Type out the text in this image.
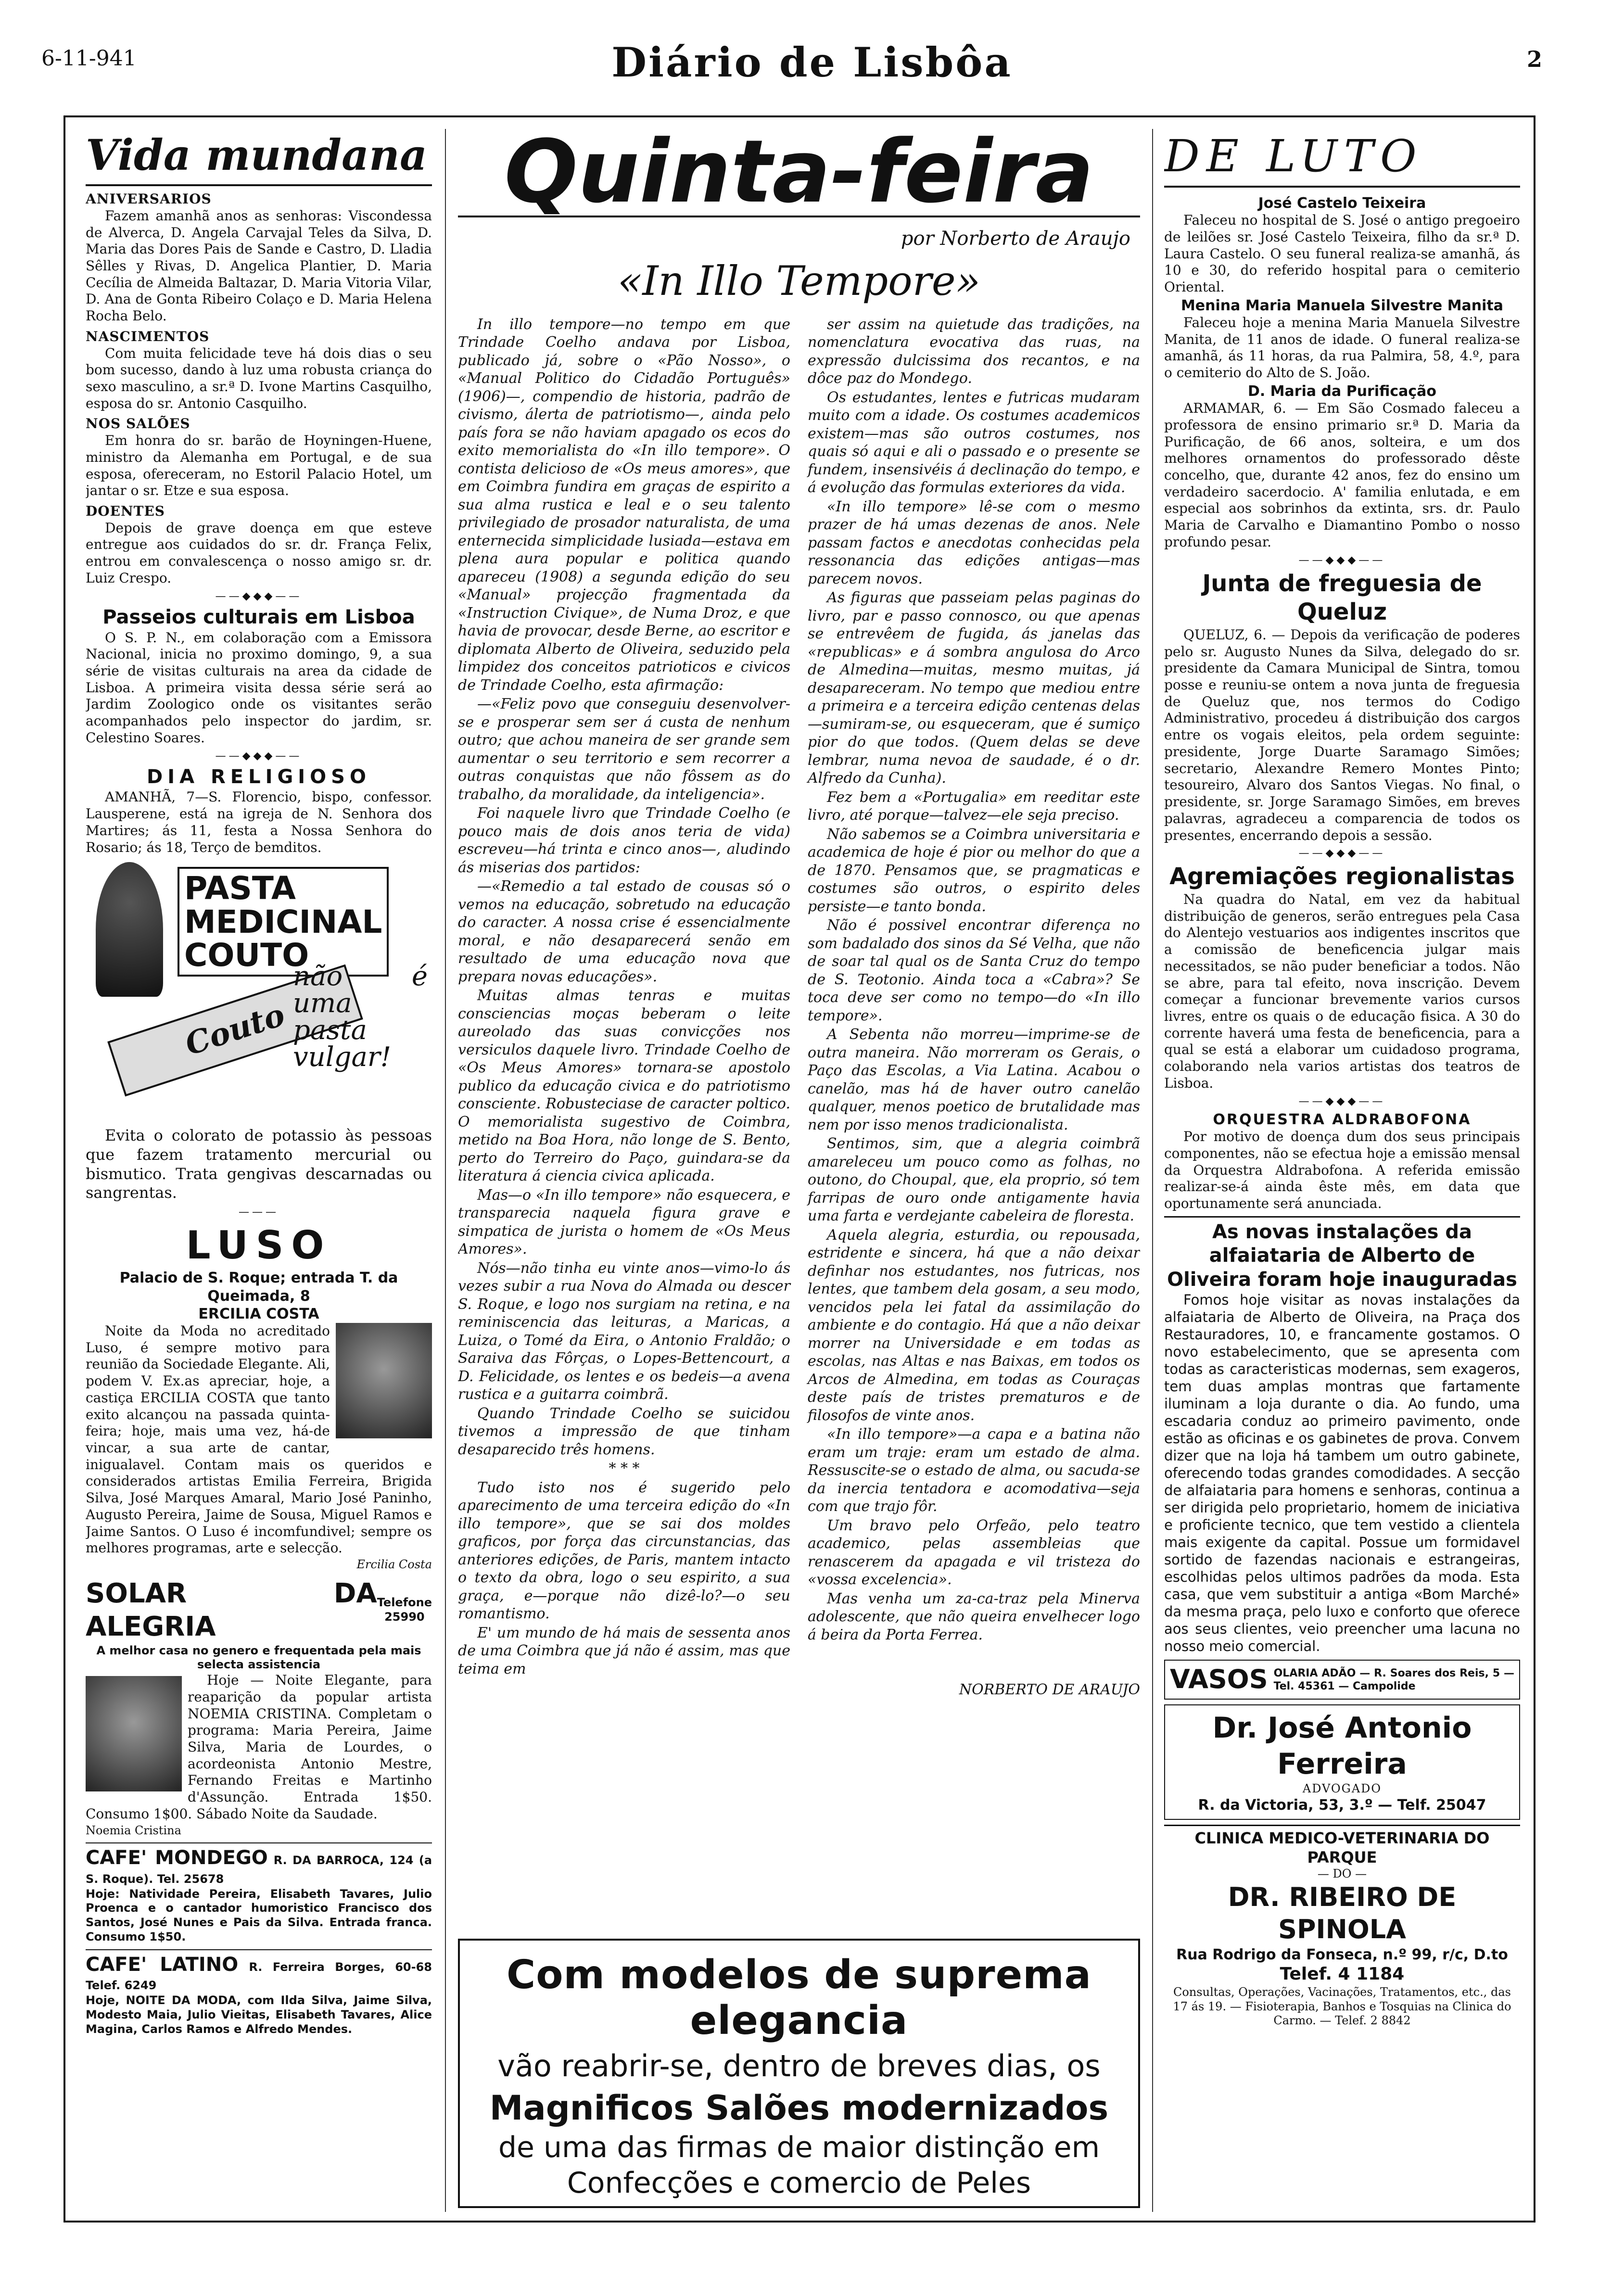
6-11-941	Diário de Lisbôa	2
Vida mundana
ANIVERSARIOS

Fazem amanhã anos as senhoras: Viscondessa de Alverca, D. Angela Carvajal Teles da Silva, D. Maria das Dores Pais de Sande e Castro, D. Lladia Sêlles y Rivas, D. Angelica Plantier, D. Maria Cecília de Almeida Baltazar, D. Maria Vitoria Vilar, D. Ana de Gonta Ribeiro Colaço e D. Maria Helena Rocha Belo.

NASCIMENTOS

Com muita felicidade teve há dois dias o seu bom sucesso, dando à luz uma robusta criança do sexo masculino, a sr.ª D. Ivone Martins Casquilho, esposa do sr. Antonio Casquilho.

NOS SALÕES

Em honra do sr. barão de Hoyningen-Huene, ministro da Alemanha em Portugal, e de sua esposa, ofereceram, no Estoril Palacio Hotel, um jantar o sr. Etze e sua esposa.

DOENTES

Depois de grave doença em que esteve entregue aos cuidados do sr. dr. França Felix, entrou em convalescença o nosso amigo sr. dr. Luiz Crespo.

——◆◆◆——
Passeios culturais em Lisboa

O S. P. N., em colaboração com a Emissora Nacional, inicia no proximo domingo, 9, a sua série de visitas culturais na area da cidade de Lisboa. A primeira visita dessa série será ao Jardim Zoologico onde os visitantes serão acompanhados pelo inspector do jardim, sr. Celestino Soares.

——◆◆◆——
DIA RELIGIOSO

AMANHÃ, 7—S. Florencio, bispo, confessor. Lausperene, está na igreja de N. Senhora dos Martires; ás 11, festa a Nossa Senhora do Rosario; ás 18, Terço de bemditos.

PASTA
MEDICINAL
COUTO
Couto
não é uma pasta vulgar!

Evita o colorato de potassio às pessoas que fazem tratamento mercurial ou bismutico. Trata gengivas descarnadas ou sangrentas.

———
LUSO
Palacio de S. Roque; entrada T. da Queimada, 8
ERCILIA COSTA

Noite da Moda no acreditado Luso, é sempre motivo para reunião da Sociedade Elegante. Ali, podem V. Ex.as apreciar, hoje, a castiça ERCILIA COSTA que tanto exito alcançou na passada quinta-feira; hoje, mais uma vez, há-de vincar, a sua arte de cantar, inigualavel. Contam mais os queridos e considerados artistas Emilia Ferreira, Brigida Silva, José Marques Amaral, Mario José Paninho, Augusto Pereira, Jaime de Sousa, Miguel Ramos e Jaime Santos. O Luso é incomfundivel; sempre os melhores programas, arte e selecção.

Ercilia Costa
SOLAR DA ALEGRIA
Telefone
25990
A melhor casa no genero e frequentada pela mais selecta assistencia

Hoje — Noite Elegante, para reaparição da popular artista NOEMIA CRISTINA. Completam o programa: Maria Pereira, Jaime Silva, Maria de Lourdes, o acordeonista Antonio Mestre, Fernando Freitas e Martinho d'Assunção. Entrada 1$50. Consumo 1$00. Sábado Noite da Saudade.

Noemia Cristina
CAFE' MONDEGO R. DA BARROCA, 124 (a S. Roque). Tel. 25678
Hoje: Natividade Pereira, Elisabeth Tavares, Julio Proenca e o cantador humoristico Francisco dos Santos, José Nunes e Pais da Silva. Entrada franca. Consumo 1$50.
CAFE' LATINO R. Ferreira Borges, 60-68 Telef. 6249
Hoje, NOITE DA MODA, com Ilda Silva, Jaime Silva, Modesto Maia, Julio Vieitas, Elisabeth Tavares, Alice Magina, Carlos Ramos e Alfredo Mendes.
Quinta-feira
por Norberto de Araujo
«In Illo Tempore»

In illo tempore—no tempo em que Trindade Coelho andava por Lisboa, publicado já, sobre o «Pão Nosso», o «Manual Politico do Cidadão Português» (1906)—, compendio de historia, padrão de civismo, álerta de patriotismo—, ainda pelo país fora se não haviam apagado os ecos do exito memorialista do «In illo tempore». O contista delicioso de «Os meus amores», que em Coimbra fundira em graças de espirito a sua alma rustica e leal e o seu talento privilegiado de prosador naturalista, de uma enternecida simplicidade lusiada—estava em plena aura popular e politica quando apareceu (1908) a segunda edição do seu «Manual» projecção fragmentada da «Instruction Civique», de Numa Droz, e que havia de provocar, desde Berne, ao escritor e diplomata Alberto de Oliveira, seduzido pela limpidez dos conceitos patrioticos e civicos de Trindade Coelho, esta afirmação:

—«Feliz povo que conseguiu desenvolver-se e prosperar sem ser á custa de nenhum outro; que achou maneira de ser grande sem aumentar o seu territorio e sem recorrer a outras conquistas que não fôssem as do trabalho, da moralidade, da inteligencia».

Foi naquele livro que Trindade Coelho (e pouco mais de dois anos teria de vida) escreveu—há trinta e cinco anos—, aludindo ás miserias dos partidos:

—«Remedio a tal estado de cousas só o vemos na educação, sobretudo na educação do caracter. A nossa crise é essencialmente moral, e não desaparecerá senão em resultado de uma educação nova que prepara novas educações».

Muitas almas tenras e muitas consciencias moças beberam o leite aureolado das suas convicções nos versiculos daquele livro. Trindade Coelho de «Os Meus Amores» tornara-se apostolo publico da educação civica e do patriotismo consciente. Robusteciase de caracter poltico. O memorialista sugestivo de Coimbra, metido na Boa Hora, não longe de S. Bento, perto do Terreiro do Paço, guindara-se da literatura á ciencia civica aplicada.

Mas—o «In illo tempore» não esquecera, e transparecia naquela figura grave e simpatica de jurista o homem de «Os Meus Amores».

Nós—não tinha eu vinte anos—vimo-lo ás vezes subir a rua Nova do Almada ou descer S. Roque, e logo nos surgiam na retina, e na reminiscencia das leituras, a Maricas, a Luiza, o Tomé da Eira, o Antonio Fraldão; o Saraiva das Fôrças, o Lopes-Bettencourt, a D. Felicidade, os lentes e os bedeis—a avena rustica e a guitarra coimbrã.

Quando Trindade Coelho se suicidou tivemos a impressão de que tinham desaparecido três homens.

* * *

Tudo isto nos é sugerido pelo aparecimento de uma terceira edição do «In illo tempore», que se sai dos moldes graficos, por força das circunstancias, das anteriores edições, de Paris, mantem intacto o texto da obra, logo o seu espirito, a sua graça, e—porque não dizê-lo?—o seu romantismo.

E' um mundo de há mais de sessenta anos de uma Coimbra que já não é assim, mas que teima em

ser assim na quietude das tradições, na nomenclatura evocativa das ruas, na expressão dulcissima dos recantos, e na dôce paz do Mondego.

Os estudantes, lentes e futricas mudaram muito com a idade. Os costumes academicos existem—mas são outros costumes, nos quais só aqui e ali o passado e o presente se fundem, insensivéis á declinação do tempo, e á evolução das formulas exteriores da vida.

«In illo tempore» lê-se com o mesmo prazer de há umas dezenas de anos. Nele passam factos e anecdotas conhecidas pela ressonancia das edições antigas—mas parecem novos.

As figuras que passeiam pelas paginas do livro, par e passo connosco, ou que apenas se entrevêem de fugida, ás janelas das «republicas» e á sombra angulosa do Arco de Almedina—muitas, mesmo muitas, já desapareceram. No tempo que mediou entre a primeira e a terceira edição centenas delas—sumiram-se, ou esqueceram, que é sumiço pior do que todos. (Quem delas se deve lembrar, numa nevoa de saudade, é o dr. Alfredo da Cunha).

Fez bem a «Portugalia» em reeditar este livro, até porque—talvez—ele seja preciso.

Não sabemos se a Coimbra universitaria e academica de hoje é pior ou melhor do que a de 1870. Pensamos que, se pragmaticas e costumes são outros, o espirito deles persiste—e tanto bonda.

Não é possivel encontrar diferença no som badalado dos sinos da Sé Velha, que não de soar tal qual os de Santa Cruz do tempo de S. Teotonio. Ainda toca a «Cabra»? Se toca deve ser como no tempo—do «In illo tempore».

A Sebenta não morreu—imprime-se de outra maneira. Não morreram os Gerais, o Paço das Escolas, a Via Latina. Acabou o canelão, mas há de haver outro canelão qualquer, menos poetico de brutalidade mas nem por isso menos tradicionalista.

Sentimos, sim, que a alegria coimbrã amareleceu um pouco como as folhas, no outono, do Choupal, que, ela proprio, só tem farripas de ouro onde antigamente havia uma farta e verdejante cabeleira de floresta.

Aquela alegria, esturdia, ou repousada, estridente e sincera, há que a não deixar definhar nos estudantes, nos futricas, nos lentes, que tambem dela gosam, a seu modo, vencidos pela lei fatal da assimilação do ambiente e do contagio. Há que a não deixar morrer na Universidade e em todas as escolas, nas Altas e nas Baixas, em todos os Arcos de Almedina, em todas as Couraças deste país de tristes prematuros e de filosofos de vinte anos.

«In illo tempore»—a capa e a batina não eram um traje: eram um estado de alma. Ressuscite-se o estado de alma, ou sacuda-se da inercia tentadora e acomodativa—seja com que trajo fôr.

Um bravo pelo Orfeão, pelo teatro academico, pelas assembleias que renascerem da apagada e vil tristeza do «vossa excelencia».

Mas venha um za-ca-traz pela Minerva adolescente, que não queira envelhecer logo á beira da Porta Ferrea.

NORBERTO DE ARAUJO
Com modelos de suprema elegancia
vão reabrir-se, dentro de breves dias, os
Magnificos Salões modernizados
de uma das firmas de maior distinção em
Confecções e comercio de Peles
DE LUTO
José Castelo Teixeira

Faleceu no hospital de S. José o antigo pregoeiro de leilões sr. José Castelo Teixeira, filho da sr.ª D. Laura Castelo. O seu funeral realiza-se amanhã, ás 10 e 30, do referido hospital para o cemiterio Oriental.

Menina Maria Manuela Silvestre Manita

Faleceu hoje a menina Maria Manuela Silvestre Manita, de 11 anos de idade. O funeral realiza-se amanhã, ás 11 horas, da rua Palmira, 58, 4.º, para o cemiterio do Alto de S. João.

D. Maria da Purificação

ARMAMAR, 6. — Em São Cosmado faleceu a professora de ensino primario sr.ª D. Maria da Purificação, de 66 anos, solteira, e um dos melhores ornamentos do professorado dêste concelho, que, durante 42 anos, fez do ensino um verdadeiro sacerdocio. A' familia enlutada, e em especial aos sobrinhos da extinta, srs. dr. Paulo Maria de Carvalho e Diamantino Pombo o nosso profundo pesar.

——◆◆◆——
Junta de freguesia de Queluz

QUELUZ, 6. — Depois da verificação de poderes pelo sr. Augusto Nunes da Silva, delegado do sr. presidente da Camara Municipal de Sintra, tomou posse e reuniu-se ontem a nova junta de freguesia de Queluz que, nos termos do Codigo Administrativo, procedeu á distribuição dos cargos entre os vogais eleitos, pela ordem seguinte: presidente, Jorge Duarte Saramago Simões; secretario, Alexandre Remero Montes Pinto; tesoureiro, Alvaro dos Santos Viegas. No final, o presidente, sr. Jorge Saramago Simões, em breves palavras, agradeceu a comparencia de todos os presentes, encerrando depois a sessão.

——◆◆◆——
Agremiações regionalistas

Na quadra do Natal, em vez da habitual distribuição de generos, serão entregues pela Casa do Alentejo vestuarios aos indigentes inscritos que a comissão de beneficencia julgar mais necessitados, se não puder beneficiar a todos. Não se abre, para tal efeito, nova inscrição. Devem começar a funcionar brevemente varios cursos livres, entre os quais o de educação fisica. A 30 do corrente haverá uma festa de beneficencia, para a qual se está a elaborar um cuidadoso programa, colaborando nela varios artistas dos teatros de Lisboa.

——◆◆◆——
ORQUESTRA ALDRABOFONA

Por motivo de doença dum dos seus principais componentes, não se efectua hoje a emissão mensal da Orquestra Aldrabofona. A referida emissão realizar-se-á ainda êste mês, em data que oportunamente será anunciada.

As novas instalações da alfaiataria de Alberto de Oliveira foram hoje inauguradas

Fomos hoje visitar as novas instalações da alfaiataria de Alberto de Oliveira, na Praça dos Restauradores, 10, e francamente gostamos. O novo estabelecimento, que se apresenta com todas as caracteristicas modernas, sem exageros, tem duas amplas montras que fartamente iluminam a loja durante o dia. Ao fundo, uma escadaria conduz ao primeiro pavimento, onde estão as oficinas e os gabinetes de prova. Convem dizer que na loja há tambem um outro gabinete, oferecendo todas grandes comodidades. A secção de alfaiataria para homens e senhoras, continua a ser dirigida pelo proprietario, homem de iniciativa e proficiente tecnico, que tem vestido a clientela mais exigente da capital. Possue um formidavel sortido de fazendas nacionais e estrangeiras, escolhidas pelos ultimos padrões da moda. Esta casa, que vem substituir a antiga «Bom Marché» da mesma praça, pelo luxo e conforto que oferece aos seus clientes, veio preencher uma lacuna no nosso meio comercial.

VASOS OLARIA ADÃO — R. Soares dos Reis, 5 — Tel. 45361 — Campolide
Dr. José Antonio Ferreira
ADVOGADO
R. da Victoria, 53, 3.º — Telf. 25047
CLINICA MEDICO-VETERINARIA DO PARQUE
— DO —
DR. RIBEIRO DE SPINOLA
Rua Rodrigo da Fonseca, n.º 99, r/c, D.to
Telef. 4 1184
Consultas, Operações, Vacinações, Tratamentos, etc., das 17 ás 19. — Fisioterapia, Banhos e Tosquias na Clinica do Carmo. — Telef. 2 8842
